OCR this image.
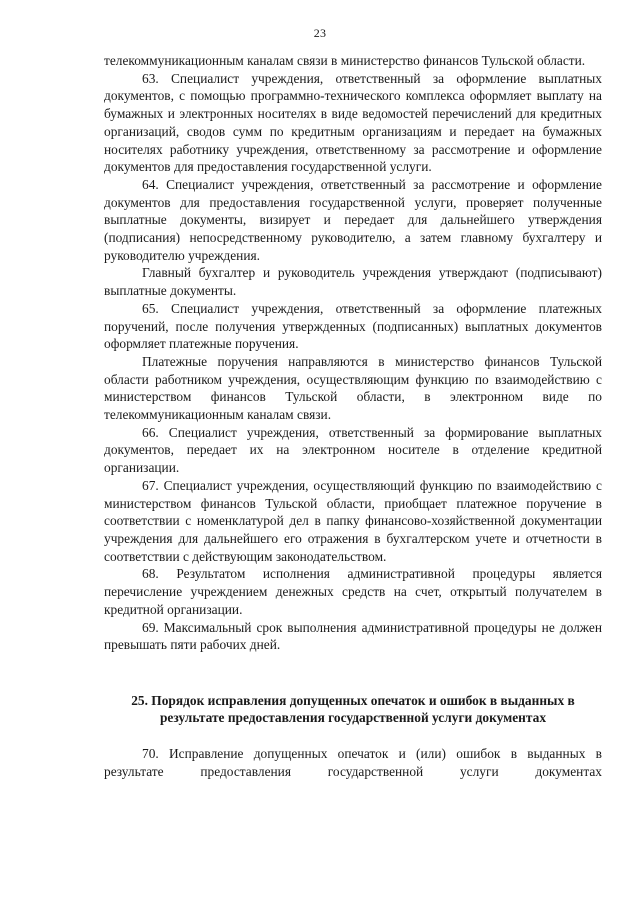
23

телекоммуникационным каналам связи в министерство финансов Тульской области.

63. Специалист учреждения, ответственный за оформление выплатных документов, с помощью программно-технического комплекса оформляет выплату на бумажных и электронных носителях в виде ведомостей перечислений для кредитных организаций, сводов сумм по кредитным организациям и передает на бумажных носителях работнику учреждения, ответственному за рассмотрение и оформление документов для предоставления государственной услуги.

64. Специалист учреждения, ответственный за рассмотрение и оформление документов для предоставления государственной услуги, проверяет полученные выплатные документы, визирует и передает для дальнейшего утверждения (подписания) непосредственному руководителю, а затем главному бухгалтеру и руководителю учреждения.

Главный бухгалтер и руководитель учреждения утверждают (подписывают) выплатные документы.

65. Специалист учреждения, ответственный за оформление платежных поручений, после получения утвержденных (подписанных) выплатных документов оформляет платежные поручения.

Платежные поручения направляются в министерство финансов Тульской области работником учреждения, осуществляющим функцию по взаимодействию с министерством финансов Тульской области, в электронном виде по телекоммуникационным каналам связи.

66. Специалист учреждения, ответственный за формирование выплатных документов, передает их на электронном носителе в отделение кредитной организации.

67. Специалист учреждения, осуществляющий функцию по взаимодействию с министерством финансов Тульской области, приобщает платежное поручение в соответствии с номенклатурой дел в папку финансово-хозяйственной документации учреждения для дальнейшего его отражения в бухгалтерском учете и отчетности в соответствии с действующим законодательством.

68. Результатом исполнения административной процедуры является перечисление учреждением денежных средств на счет, открытый получателем в кредитной организации.

69. Максимальный срок выполнения административной процедуры не должен превышать пяти рабочих дней.

25. Порядок исправления допущенных опечаток и ошибок в выданных в результате предоставления государственной услуги документах

70. Исправление допущенных опечаток и (или) ошибок в выданных в результате предоставления государственной услуги документах
